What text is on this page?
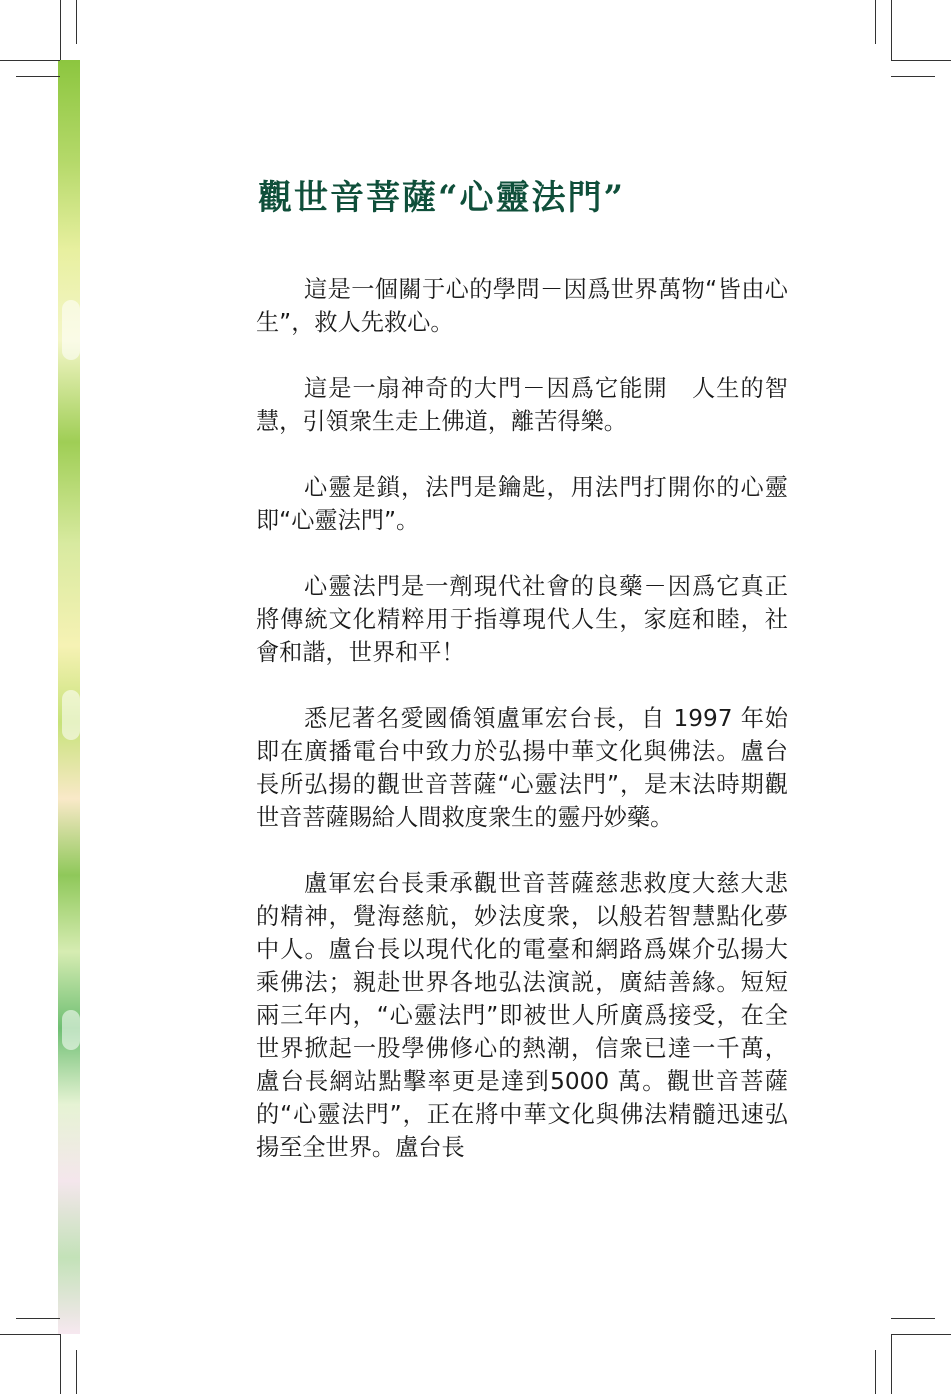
觀世音菩薩“心靈法門”

這是一個關于心的學問－因爲世界萬物“皆由心生”，救人先救心。

這是一扇神奇的大門－因爲它能開　人生的智慧，引領衆生走上佛道，離苦得樂。

心靈是鎖，法門是鑰匙，用法門打開你的心靈即“心靈法門”。

心靈法門是一劑現代社會的良藥－因爲它真正將傳統文化精粹用于指導現代人生，家庭和睦，社會和諧，世界和平！

悉尼著名愛國僑領盧軍宏台長，自 1997 年始即在廣播電台中致力於弘揚中華文化與佛法。盧台長所弘揚的觀世音菩薩“心靈法門”，是末法時期觀世音菩薩賜給人間救度衆生的靈丹妙藥。

盧軍宏台長秉承觀世音菩薩慈悲救度大慈大悲的精神，覺海慈航，妙法度衆，以般若智慧點化夢中人。盧台長以現代化的電臺和網路爲媒介弘揚大乘佛法；親赴世界各地弘法演説，廣結善緣。短短兩三年内，“心靈法門”即被世人所廣爲接受，在全世界掀起一股學佛修心的熱潮，信衆已達一千萬，盧台長網站點擊率更是達到5000 萬。觀世音菩薩的“心靈法門”，正在將中華文化與佛法精髓迅速弘揚至全世界。盧台長
